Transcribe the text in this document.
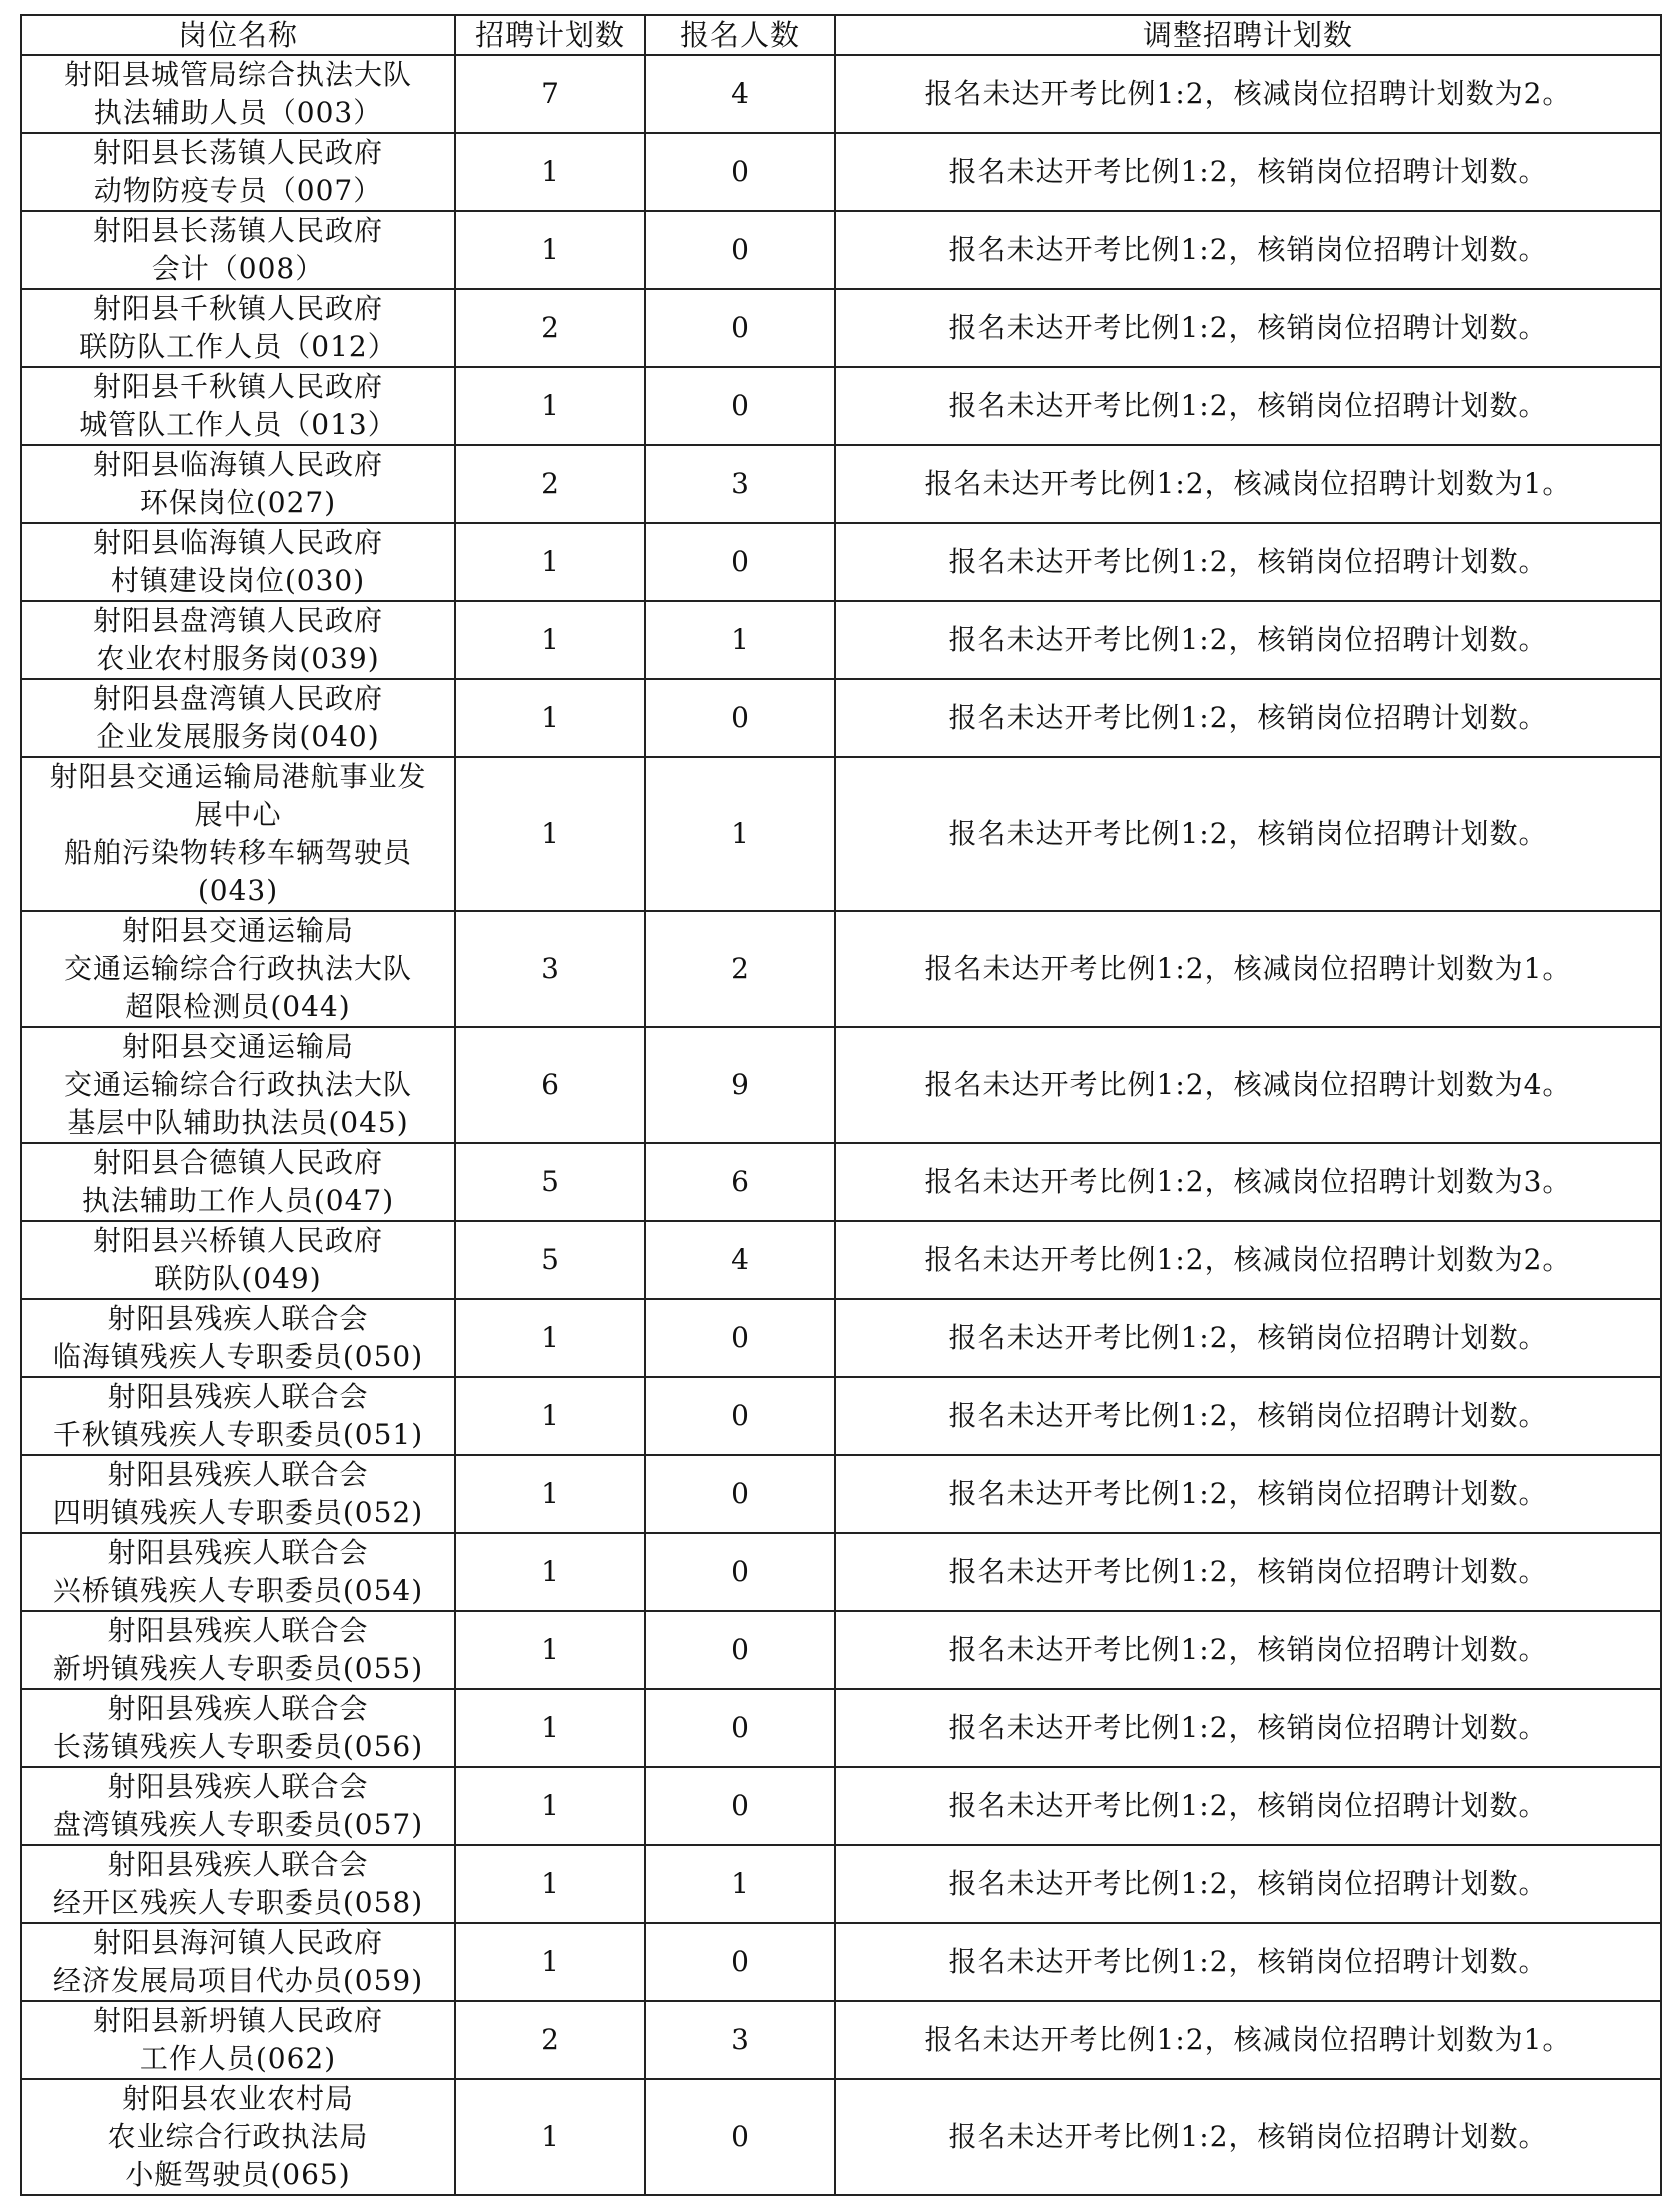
岗位名称	招聘计划数	报名人数	调整招聘计划数

射阳县城管局综合执法大队
执法辅助人员（003）	7	4	报名未达开考比例1:2，核减岗位招聘计划数为2。

射阳县长荡镇人民政府
动物防疫专员（007）	1	0	报名未达开考比例1:2，核销岗位招聘计划数。

射阳县长荡镇人民政府
会计（008）	1	0	报名未达开考比例1:2，核销岗位招聘计划数。

射阳县千秋镇人民政府
联防队工作人员（012）	2	0	报名未达开考比例1:2，核销岗位招聘计划数。

射阳县千秋镇人民政府
城管队工作人员（013）	1	0	报名未达开考比例1:2，核销岗位招聘计划数。

射阳县临海镇人民政府
环保岗位(027)	2	3	报名未达开考比例1:2，核减岗位招聘计划数为1。

射阳县临海镇人民政府
村镇建设岗位(030)	1	0	报名未达开考比例1:2，核销岗位招聘计划数。

射阳县盘湾镇人民政府
农业农村服务岗(039)	1	1	报名未达开考比例1:2，核销岗位招聘计划数。

射阳县盘湾镇人民政府
企业发展服务岗(040)	1	0	报名未达开考比例1:2，核销岗位招聘计划数。

射阳县交通运输局港航事业发
展中心
船舶污染物转移车辆驾驶员
(043)	1	1	报名未达开考比例1:2，核销岗位招聘计划数。

射阳县交通运输局
交通运输综合行政执法大队
超限检测员(044)	3	2	报名未达开考比例1:2，核减岗位招聘计划数为1。

射阳县交通运输局
交通运输综合行政执法大队
基层中队辅助执法员(045)	6	9	报名未达开考比例1:2，核减岗位招聘计划数为4。

射阳县合德镇人民政府
执法辅助工作人员(047)	5	6	报名未达开考比例1:2，核减岗位招聘计划数为3。

射阳县兴桥镇人民政府
联防队(049)	5	4	报名未达开考比例1:2，核减岗位招聘计划数为2。

射阳县残疾人联合会
临海镇残疾人专职委员(050)	1	0	报名未达开考比例1:2，核销岗位招聘计划数。

射阳县残疾人联合会
千秋镇残疾人专职委员(051)	1	0	报名未达开考比例1:2，核销岗位招聘计划数。

射阳县残疾人联合会
四明镇残疾人专职委员(052)	1	0	报名未达开考比例1:2，核销岗位招聘计划数。

射阳县残疾人联合会
兴桥镇残疾人专职委员(054)	1	0	报名未达开考比例1:2，核销岗位招聘计划数。

射阳县残疾人联合会
新坍镇残疾人专职委员(055)	1	0	报名未达开考比例1:2，核销岗位招聘计划数。

射阳县残疾人联合会
长荡镇残疾人专职委员(056)	1	0	报名未达开考比例1:2，核销岗位招聘计划数。

射阳县残疾人联合会
盘湾镇残疾人专职委员(057)	1	0	报名未达开考比例1:2，核销岗位招聘计划数。

射阳县残疾人联合会
经开区残疾人专职委员(058)	1	1	报名未达开考比例1:2，核销岗位招聘计划数。

射阳县海河镇人民政府
经济发展局项目代办员(059)	1	0	报名未达开考比例1:2，核销岗位招聘计划数。

射阳县新坍镇人民政府
工作人员(062)	2	3	报名未达开考比例1:2，核减岗位招聘计划数为1。

射阳县农业农村局
农业综合行政执法局
小艇驾驶员(065)	1	0	报名未达开考比例1:2，核销岗位招聘计划数。
